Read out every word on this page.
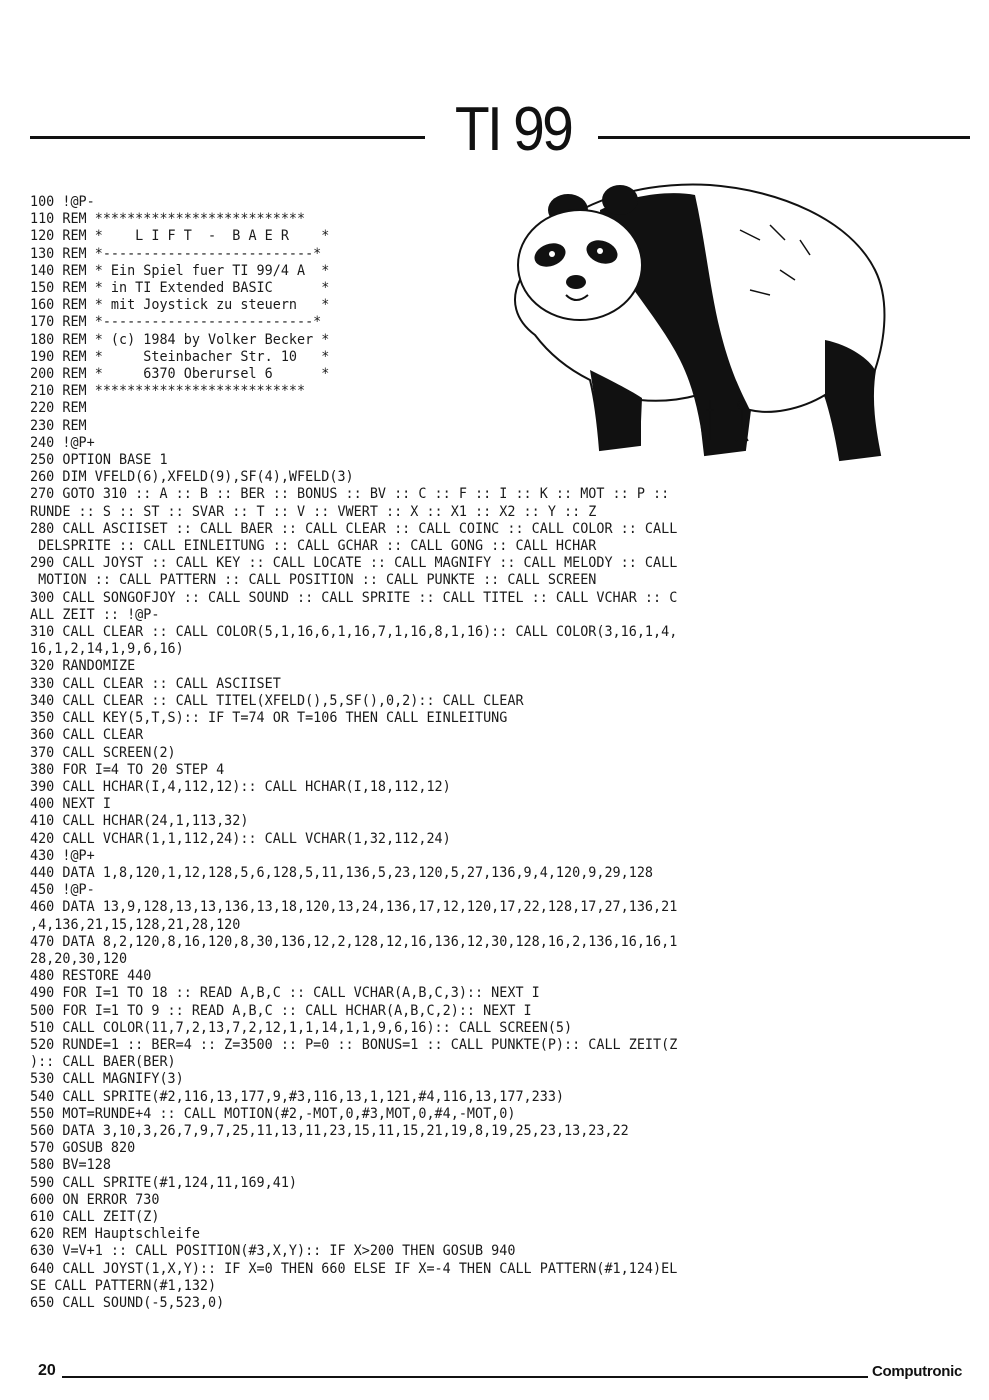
TI 99
100 !@P-
110 REM **************************
120 REM *    L I F T  -  B A E R    *
130 REM *--------------------------*
140 REM * Ein Spiel fuer TI 99/4 A  *
150 REM * in TI Extended BASIC      *
160 REM * mit Joystick zu steuern   *
170 REM *--------------------------*
180 REM * (c) 1984 by Volker Becker *
190 REM *     Steinbacher Str. 10   *
200 REM *     6370 Oberursel 6      *
210 REM **************************
220 REM
230 REM
240 !@P+
250 OPTION BASE 1
260 DIM VFELD(6),XFELD(9),SF(4),WFELD(3)
270 GOTO 310 :: A :: B :: BER :: BONUS :: BV :: C :: F :: I :: K :: MOT :: P ::
RUNDE :: S :: ST :: SVAR :: T :: V :: VWERT :: X :: X1 :: X2 :: Y :: Z
280 CALL ASCIISET :: CALL BAER :: CALL CLEAR :: CALL COINC :: CALL COLOR :: CALL
DELSPRITE :: CALL EINLEITUNG :: CALL GCHAR :: CALL GONG :: CALL HCHAR
290 CALL JOYST :: CALL KEY :: CALL LOCATE :: CALL MAGNIFY :: CALL MELODY :: CALL
MOTION :: CALL PATTERN :: CALL POSITION :: CALL PUNKTE :: CALL SCREEN
300 CALL SONGOFJOY :: CALL SOUND :: CALL SPRITE :: CALL TITEL :: CALL VCHAR :: C
ALL ZEIT :: !@P-
310 CALL CLEAR :: CALL COLOR(5,1,16,6,1,16,7,1,16,8,1,16):: CALL COLOR(3,16,1,4,
16,1,2,14,1,9,6,16)
320 RANDOMIZE
330 CALL CLEAR :: CALL ASCIISET
340 CALL CLEAR :: CALL TITEL(XFELD(),5,SF(),0,2):: CALL CLEAR
350 CALL KEY(5,T,S):: IF T=74 OR T=106 THEN CALL EINLEITUNG
360 CALL CLEAR
370 CALL SCREEN(2)
380 FOR I=4 TO 20 STEP 4
390 CALL HCHAR(I,4,112,12):: CALL HCHAR(I,18,112,12)
400 NEXT I
410 CALL HCHAR(24,1,113,32)
420 CALL VCHAR(1,1,112,24):: CALL VCHAR(1,32,112,24)
430 !@P+
440 DATA 1,8,120,1,12,128,5,6,128,5,11,136,5,23,120,5,27,136,9,4,120,9,29,128
450 !@P-
460 DATA 13,9,128,13,13,136,13,18,120,13,24,136,17,12,120,17,22,128,17,27,136,21
,4,136,21,15,128,21,28,120
470 DATA 8,2,120,8,16,120,8,30,136,12,2,128,12,16,136,12,30,128,16,2,136,16,16,1
28,20,30,120
480 RESTORE 440
490 FOR I=1 TO 18 :: READ A,B,C :: CALL VCHAR(A,B,C,3):: NEXT I
500 FOR I=1 TO 9 :: READ A,B,C :: CALL HCHAR(A,B,C,2):: NEXT I
510 CALL COLOR(11,7,2,13,7,2,12,1,1,14,1,1,9,6,16):: CALL SCREEN(5)
520 RUNDE=1 :: BER=4 :: Z=3500 :: P=0 :: BONUS=1 :: CALL PUNKTE(P):: CALL ZEIT(Z
):: CALL BAER(BER)
530 CALL MAGNIFY(3)
540 CALL SPRITE(#2,116,13,177,9,#3,116,13,1,121,#4,116,13,177,233)
550 MOT=RUNDE+4 :: CALL MOTION(#2,-MOT,0,#3,MOT,0,#4,-MOT,0)
560 DATA 3,10,3,26,7,9,7,25,11,13,11,23,15,11,15,21,19,8,19,25,23,13,23,22
570 GOSUB 820
580 BV=128
590 CALL SPRITE(#1,124,11,169,41)
600 ON ERROR 730
610 CALL ZEIT(Z)
620 REM Hauptschleife
630 V=V+1 :: CALL POSITION(#3,X,Y):: IF X>200 THEN GOSUB 940
640 CALL JOYST(1,X,Y):: IF X=0 THEN 660 ELSE IF X=-4 THEN CALL PATTERN(#1,124)EL
SE CALL PATTERN(#1,132)
650 CALL SOUND(-5,523,0)

20	Computronic
